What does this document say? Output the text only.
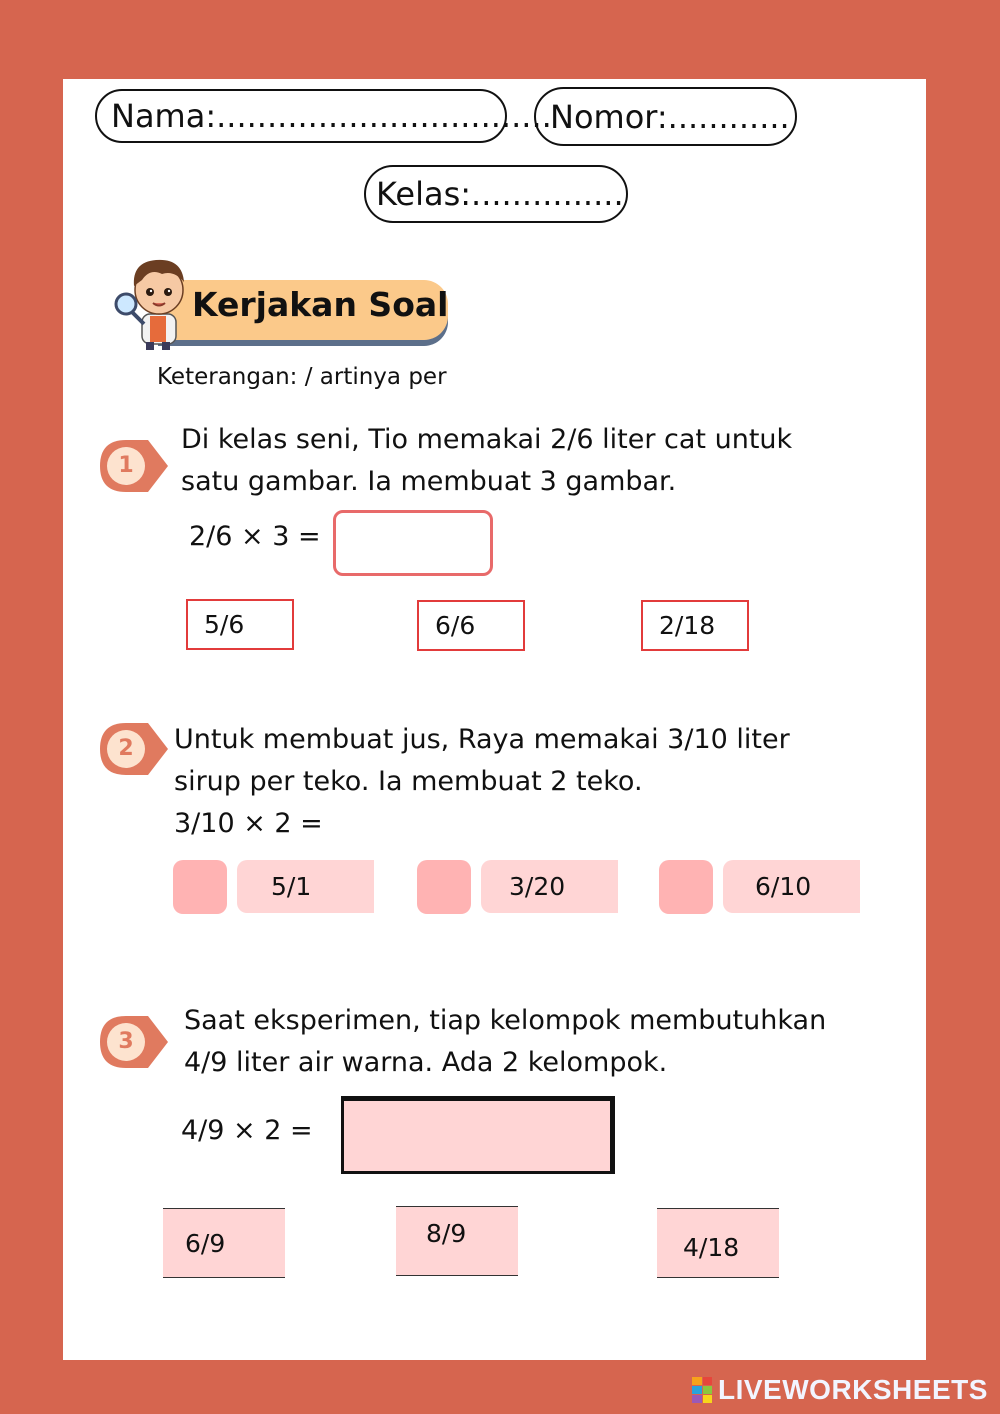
Nama:.................................
Nomor:............
Kelas:...............
Kerjakan Soal
Keterangan: / artinya per
1
Di kelas seni, Tio memakai 2/6 liter cat untuk
satu gambar. Ia membuat 3 gambar.
2/6 × 3 =
5/6	6/6	2/18
2	Untuk membuat jus, Raya memakai 3/10 liter
sirup per teko. Ia membuat 2 teko.
3/10 × 2 =
5/1	3/20	6/10
3
Saat eksperimen, tiap kelompok membutuhkan
4/9 liter air warna. Ada 2 kelompok.
4/9 × 2 =
6/9	8/9	4/18
LIVEWORKSHEETS
